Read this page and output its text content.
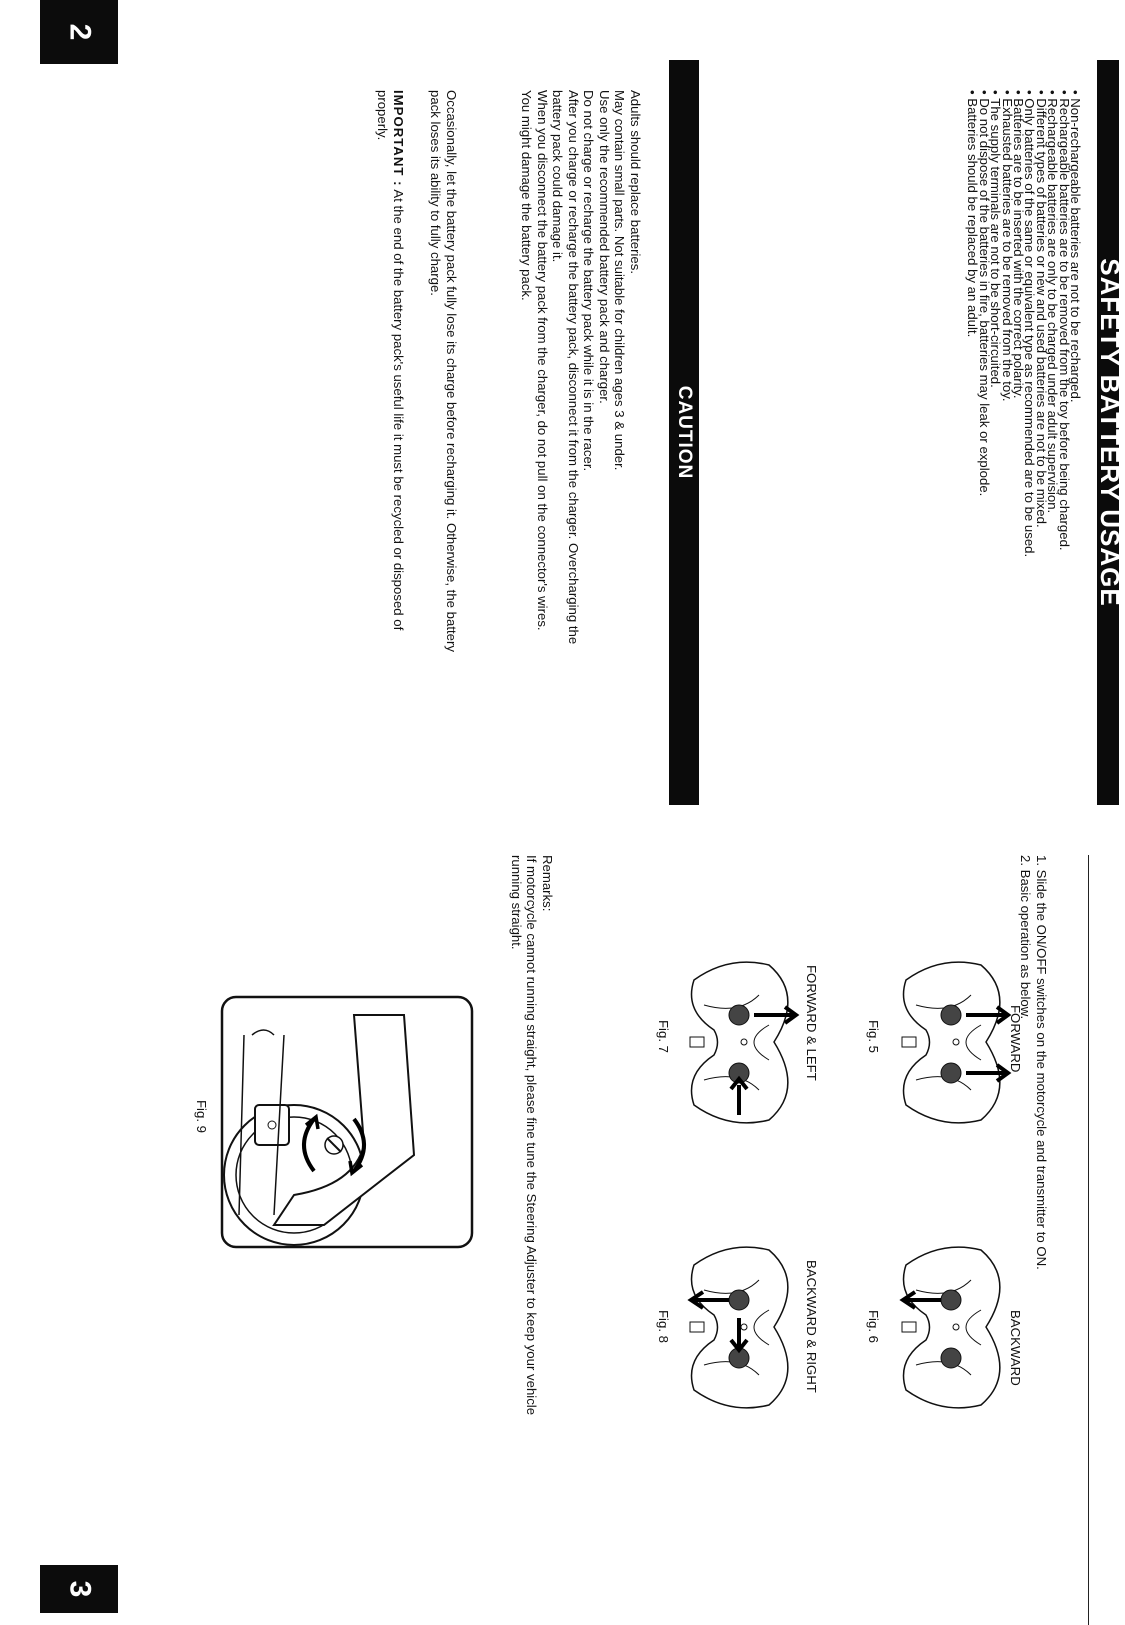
2
3
SAFETY BATTERY USAGE
• Non-rechargeable batteries are not to be recharged.
• Rechargeable batteries are to be removed from the toy before being charged.
• Rechargeable batteries are only to be charged under adult supervision.
• Different types of batteries or new and used batteries are not to be mixed.
• Only batteries of the same or equivalent type as recommended are to be used.
• Batteries are to be inserted with the correct polarity.
• Exhausted batteries are to be removed from the toy.
• The supply terminals are not to be short-circuited.
• Do not dispose of the batteries in fire, batteries may leak or explode.
• Batteries should be replaced by an adult.
CAUTION
Adults should replace batteries.
May contain small parts. Not suitable for children ages 3 & under.
Use only the recommended battery pack and charger.
Do not charge or recharge the battery pack while it is in the racer.
After you charge or recharge the battery pack, disconnect it from the charger. Overcharging the
battery pack could damage it.
When you disconnect the battery pack from the charger, do not pull on the connector's wires.
You might damage the battery pack.
Occasionally, let the battery pack fully lose its charge before recharging it. Otherwise, the battery
pack loses its ability to fully charge.
IMPORTANT : At the end of the battery pack's useful life it must be recycled or disposed of
properly.
1. Slide the ON/OFF switches on the motorcycle and transmitter to ON.
2. Basic operation as below.
FORWARD
Fig. 5
BACKWARD
Fig. 6
FORWARD & LEFT
Fig. 7
BACKWARD & RIGHT
Fig. 8
Remarks:
If motorcycle cannot running straight, please fine tune the Steering Adjuster to keep your vehicle
running straight.
Fig. 9
